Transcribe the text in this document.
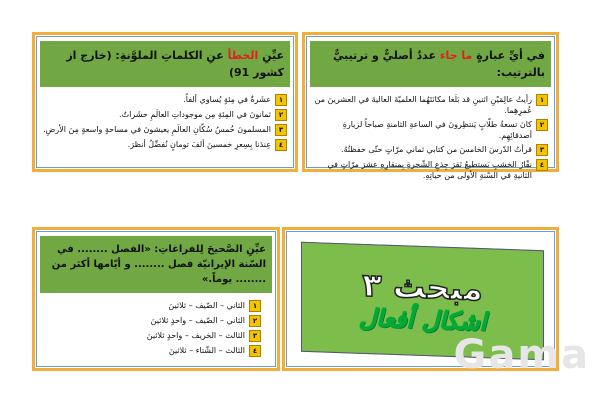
في أيِّ عبارةٍ ما جاء عددٌ أصليٌّ و ترتيبيٌّ بالترتيب:
١
رأيتُ عالِمَيْنِ اثنينِ قد بَلَغا مكانَتَهُما العلميّةَ العاليةَ في العشرينَ من عُمرِهِما.
٢
كانَ تسعةُ طلّابٍ يَنتظِرونَ في الساعةِ الثامنةِ صباحاً لزيارةِ أصدقائِهِم.
٣
قرأتُ الدّرسَ الخامسَ من كتابي ثماني مرّاتٍ حتّى حفظتُهُ.
٤
نقّارُ الخشبِ يَستطيعُ نَقرَ جِذعِ الشّجرةِ بِمنقارِهِ عشرَ مرّاتٍ في الثانيةِ في السّنةِ الأولى من حياتِهِ.
عيِّنِ الخطأ عنِ الكلماتِ الملوَّنةِ: (خارج از كشور 91)
١
عشَرةٌ في مِئةٍ يُساوي ألفاً.
٢
ثمانونَ في المِئةِ مِن موجوداتِ العالَمِ حشَراتٌ.
٣
المسلمونَ خُمسُ سُكّانِ العالَمِ يعيشونَ في مساحةٍ واسعةٍ مِنَ الأرضِ.
٤
عِندَنا بِسِعرِ خمسينَ ألفَ تومانٍ نُفضِّلُ أنظرَ.
عيِّنِ الصَّحيحَ لِلفراغاتِ: «الفصل ........ في السّنة الإيرانيّة فصل ........ و أيّامها أكثر من ........ يوماً.»
١
الثاني – الصّيف – ثلاثينَ
٢
الثاني – الصّيف – واحدٍ ثلاثينَ
٣
الثالث – الخريف – واحدٍ ثلاثينَ
٤
الثالث – الشّتاء – ثلاثينَ
مبحث ٣
اشكال أفعال
Gama
